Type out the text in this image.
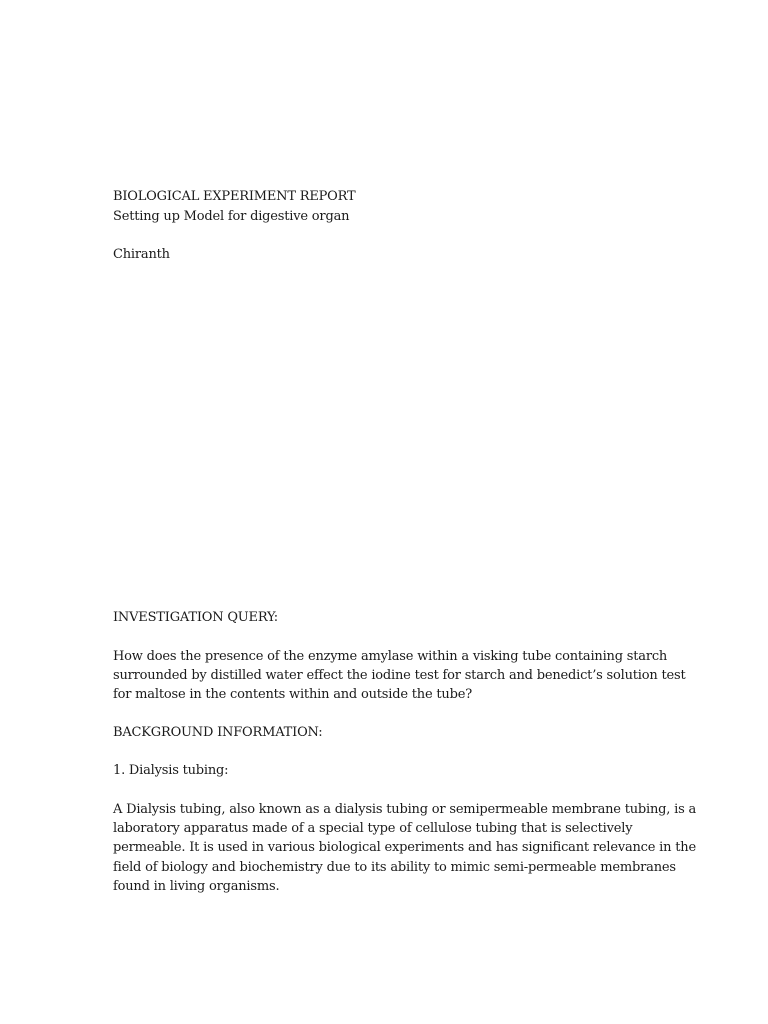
BIOLOGICAL EXPERIMENT REPORT
Setting up Model for digestive organ
Chiranth
INVESTIGATION QUERY:
How does the presence of the enzyme amylase within a visking tube containing starch
surrounded by distilled water effect the iodine test for starch and benedict’s solution test
for maltose in the contents within and outside the tube?
BACKGROUND INFORMATION:
1. Dialysis tubing:
A Dialysis tubing, also known as a dialysis tubing or semipermeable membrane tubing, is a
laboratory apparatus made of a special type of cellulose tubing that is selectively
permeable. It is used in various biological experiments and has significant relevance in the
field of biology and biochemistry due to its ability to mimic semi-permeable membranes
found in living organisms.
